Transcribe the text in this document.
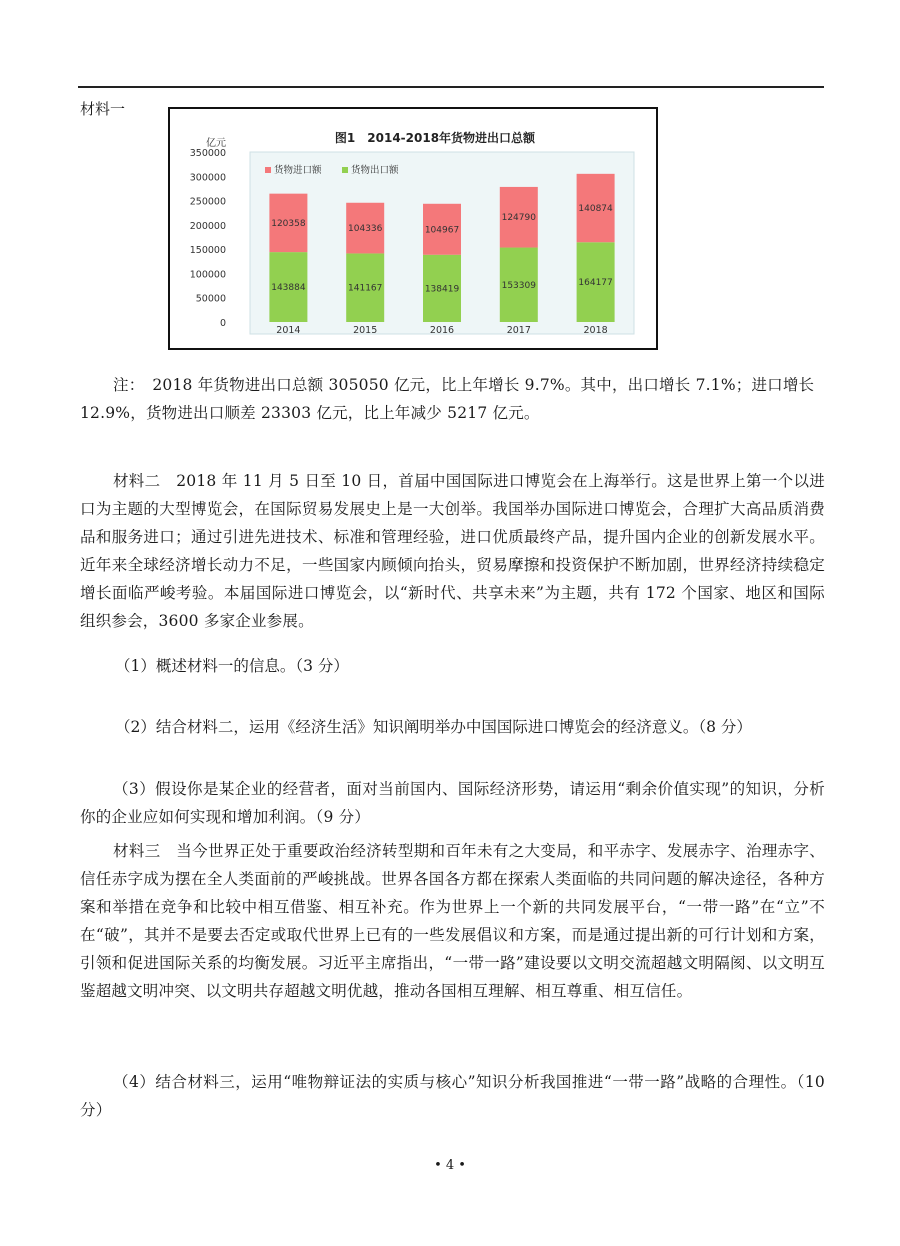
材料一
图1　2014-2018年货物进出口总额
亿元
350000
300000
250000
200000
150000
100000
50000
0
143884
120358
141167
104336
138419
104967
153309
124790
164177
140874
2014	2015	2016	2017	2018
货物进口额	货物出口额

注：　2018 年货物进出口总额 305050 亿元，比上年增长 9.7%。其中，出口增长 7.1%；进口增长

12.9%，货物进出口顺差 23303 亿元，比上年减少 5217 亿元。

材料二　2018 年 11 月 5 日至 10 日，首届中国国际进口博览会在上海举行。这是世界上第一个以进口为主题的大型博览会，在国际贸易发展史上是一大创举。我国举办国际进口博览会，合理扩大高品质消费品和服务进口；通过引进先进技术、标准和管理经验，进口优质最终产品，提升国内企业的创新发展水平。近年来全球经济增长动力不足，一些国家内顾倾向抬头，贸易摩擦和投资保护不断加剧，世界经济持续稳定增长面临严峻考验。本届国际进口博览会，以“新时代、共享未来”为主题，共有 172 个国家、地区和国际组织参会，3600 多家企业参展。
（1）概述材料一的信息。（3 分）
（2）结合材料二，运用《经济生活》知识阐明举办中国国际进口博览会的经济意义。（8 分）
（3）假设你是某企业的经营者，面对当前国内、国际经济形势，请运用“剩余价值实现”的知识，分析你的企业应如何实现和增加利润。（9 分）
材料三　当今世界正处于重要政治经济转型期和百年未有之大变局，和平赤字、发展赤字、治理赤字、信任赤字成为摆在全人类面前的严峻挑战。世界各国各方都在探索人类面临的共同问题的解决途径，各种方案和举措在竞争和比较中相互借鉴、相互补充。作为世界上一个新的共同发展平台，“一带一路”在“立”不在“破”，其并不是要去否定或取代世界上已有的一些发展倡议和方案，而是通过提出新的可行计划和方案，引领和促进国际关系的均衡发展。习近平主席指出，“一带一路”建设要以文明交流超越文明隔阂、以文明互鉴超越文明冲突、以文明共存超越文明优越，推动各国相互理解、相互尊重、相互信任。
（4）结合材料三，运用“唯物辩证法的实质与核心”知识分析我国推进“一带一路”战略的合理性。（10 分）
• 4 •
